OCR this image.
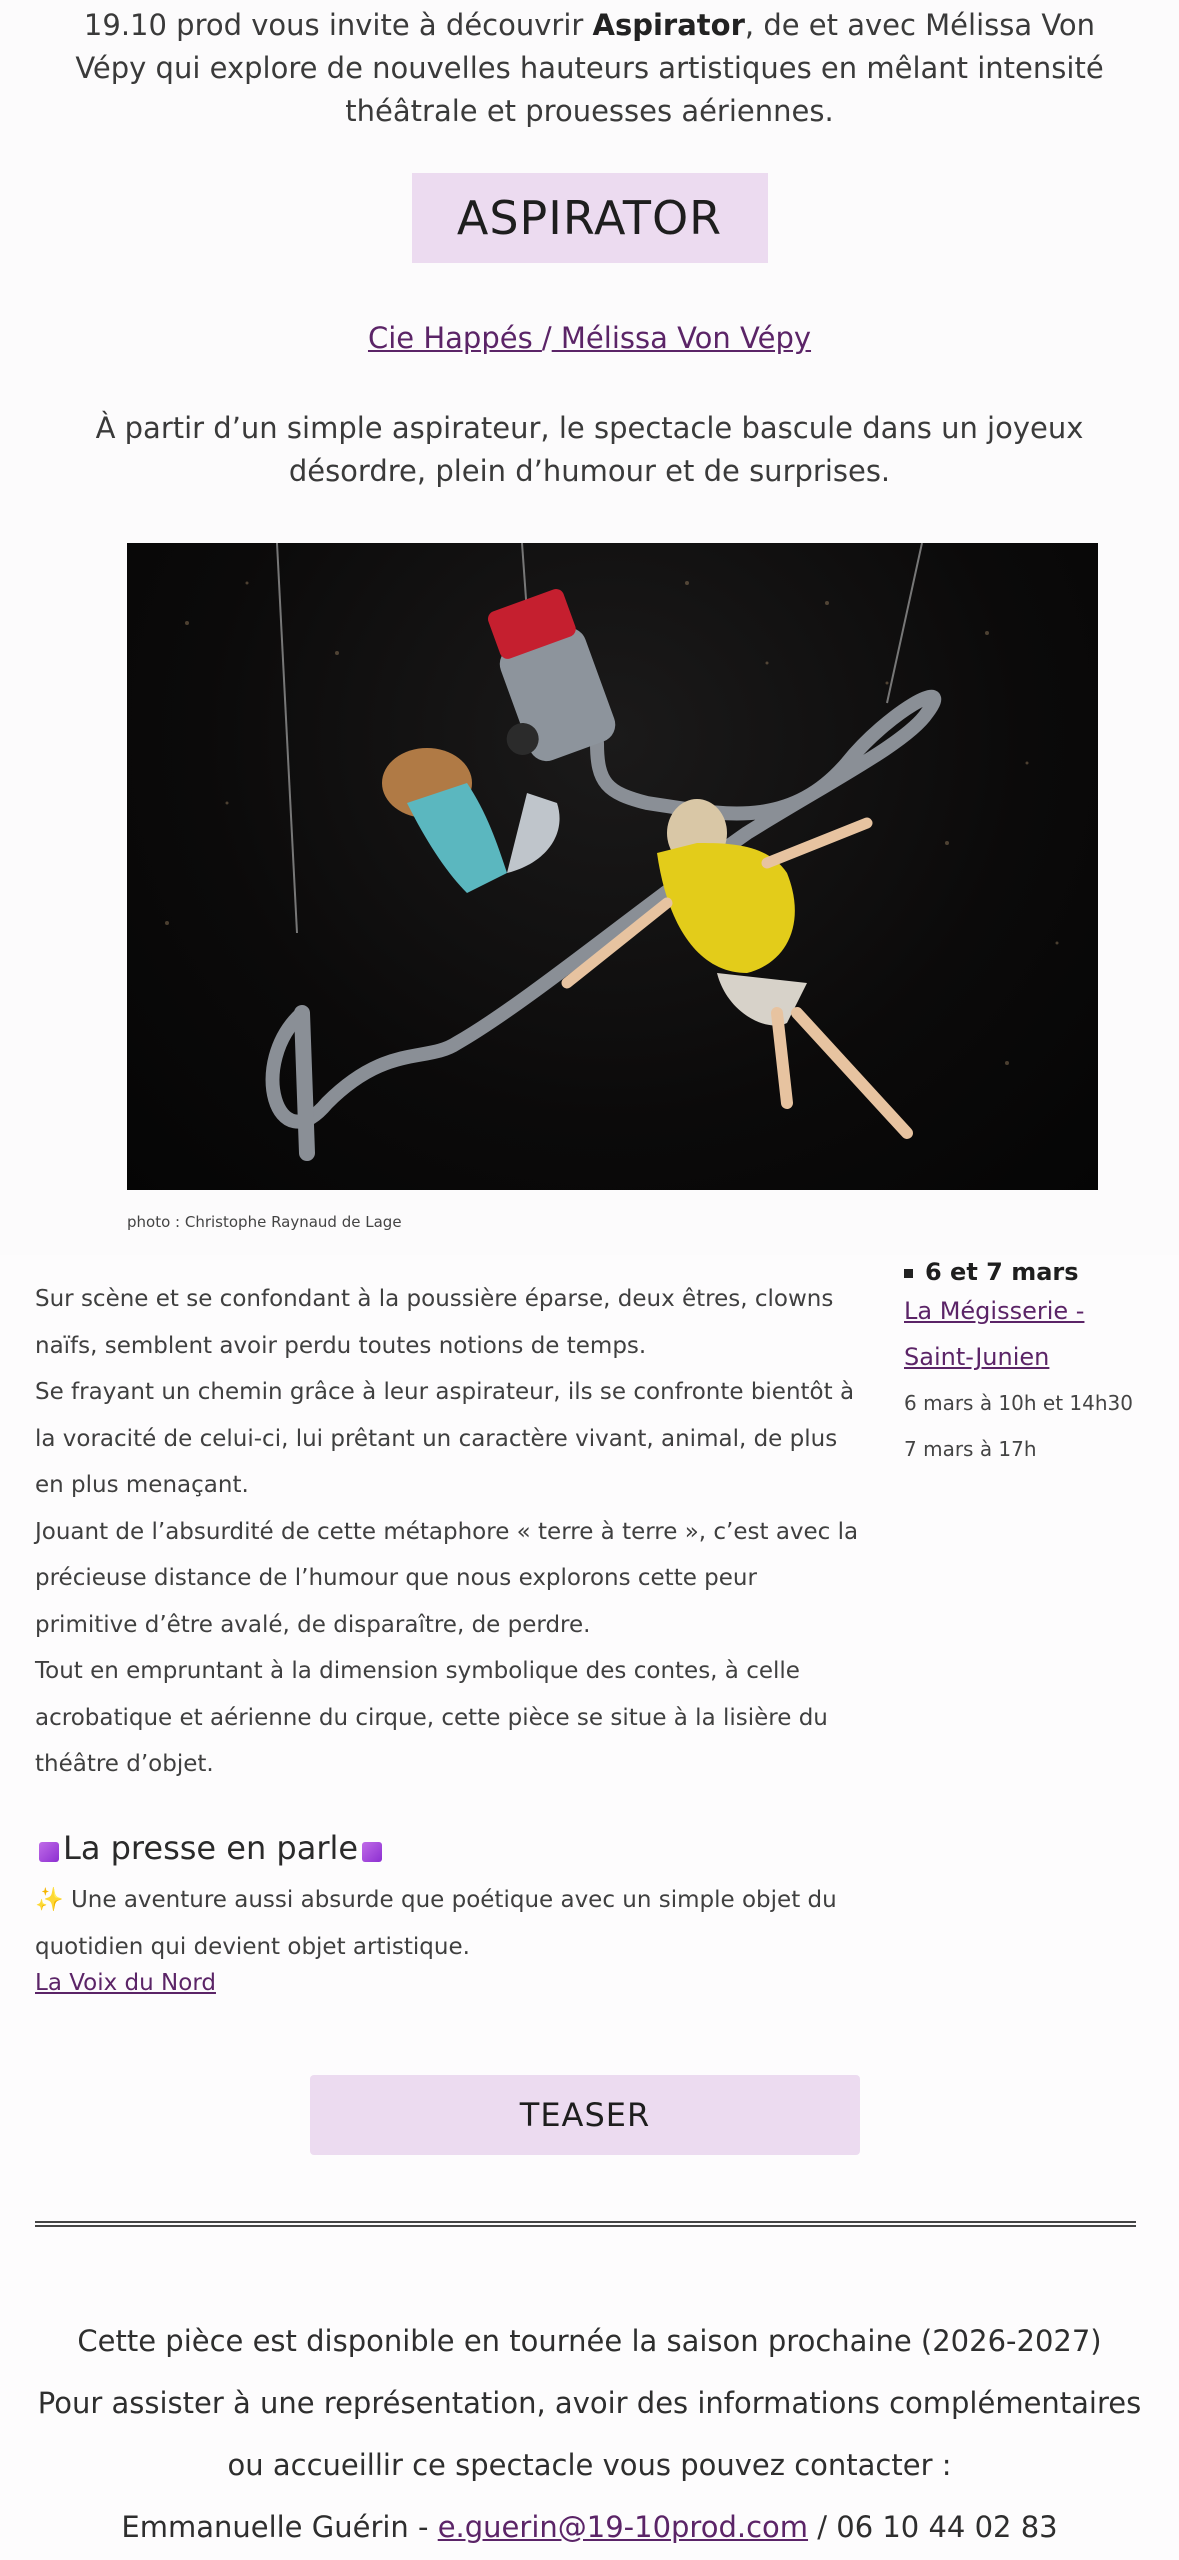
19.10 prod vous invite à découvrir Aspirator, de et avec Mélissa Von Vépy qui explore de nouvelles hauteurs artistiques en mêlant intensité théâtrale et prouesses aériennes.
ASPIRATOR
Cie Happés / Mélissa Von Vépy
À partir d’un simple aspirateur, le spectacle bascule dans un joyeux désordre, plein d’humour et de surprises.
photo : Christophe Raynaud de Lage

Sur scène et se confondant à la poussière éparse, deux êtres, clowns naïfs, semblent avoir perdu toutes notions de temps.

Se frayant un chemin grâce à leur aspirateur, ils se confronte bientôt à la voracité de celui-ci, lui prêtant un caractère vivant, animal, de plus en plus menaçant.

Jouant de l’absurdité de cette métaphore « terre à terre », c’est avec la précieuse distance de l’humour que nous explorons cette peur primitive d’être avalé, de disparaître, de perdre.

Tout en empruntant à la dimension symbolique des contes, à celle acrobatique et aérienne du cirque, cette pièce se situe à la lisière du théâtre d’objet.

6 et 7 mars
La Mégisserie -
Saint-Junien
6 mars à 10h et 14h30
7 mars à 17h
La presse en parle
✨ Une aventure aussi absurde que poétique avec un simple objet du quotidien qui devient objet artistique.
La Voix du Nord
TEASER

Cette pièce est disponible en tournée la saison prochaine (2026-2027)

Pour assister à une représentation, avoir des informations complémentaires

ou accueillir ce spectacle vous pouvez contacter :

Emmanuelle Guérin - e.guerin@19-10prod.com / 06 10 44 02 83
